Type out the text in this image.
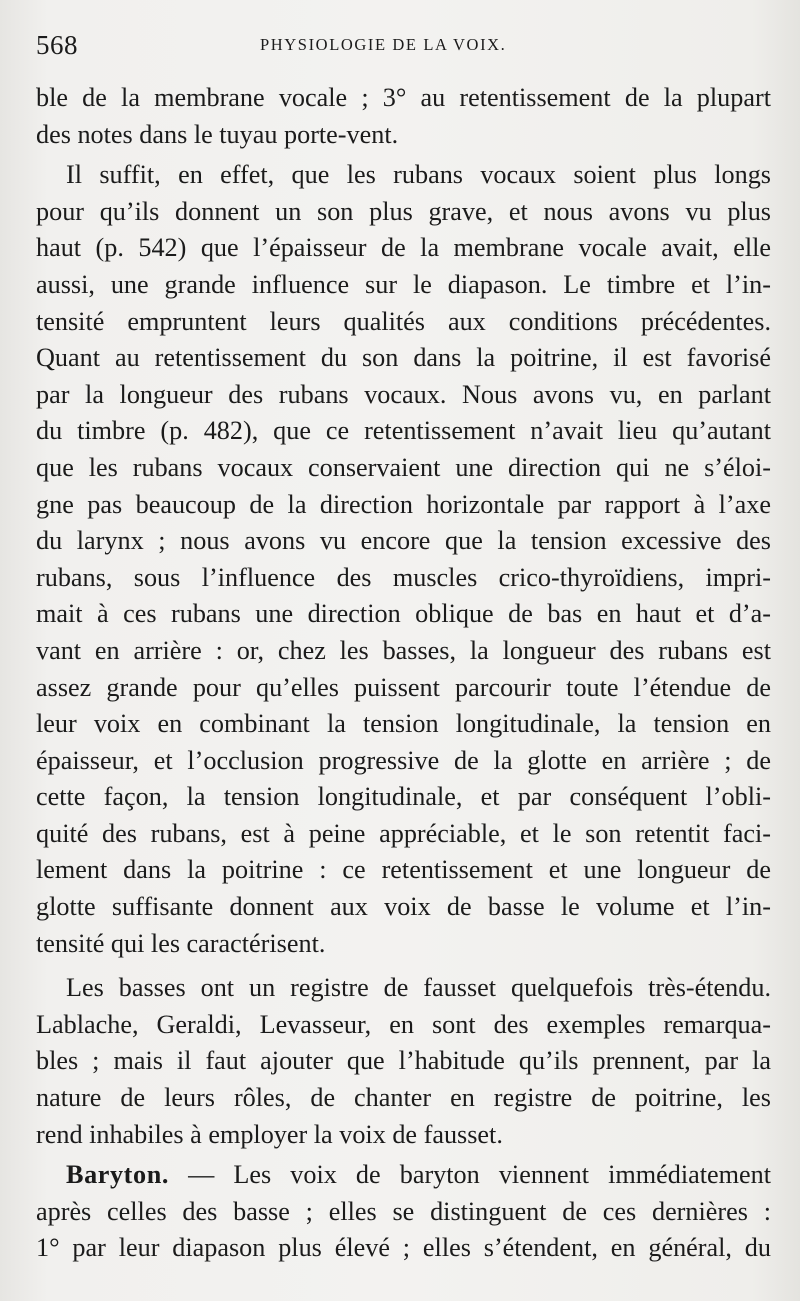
568	PHYSIOLOGIE DE LA VOIX.
ble de la membrane vocale ; 3° au retentissement de la plupart
des notes dans le tuyau porte-vent.
Il suffit, en effet, que les rubans vocaux soient plus longs
pour qu’ils donnent un son plus grave, et nous avons vu plus
haut (p. 542) que l’épaisseur de la membrane vocale avait, elle
aussi, une grande influence sur le diapason. Le timbre et l’in-
tensité empruntent leurs qualités aux conditions précédentes.
Quant au retentissement du son dans la poitrine, il est favorisé
par la longueur des rubans vocaux. Nous avons vu, en parlant
du timbre (p. 482), que ce retentissement n’avait lieu qu’autant
que les rubans vocaux conservaient une direction qui ne s’éloi-
gne pas beaucoup de la direction horizontale par rapport à l’axe
du larynx ; nous avons vu encore que la tension excessive des
rubans, sous l’influence des muscles crico-thyroïdiens, impri-
mait à ces rubans une direction oblique de bas en haut et d’a-
vant en arrière : or, chez les basses, la longueur des rubans est
assez grande pour qu’elles puissent parcourir toute l’étendue de
leur voix en combinant la tension longitudinale, la tension en
épaisseur, et l’occlusion progressive de la glotte en arrière ; de
cette façon, la tension longitudinale, et par conséquent l’obli-
quité des rubans, est à peine appréciable, et le son retentit faci-
lement dans la poitrine : ce retentissement et une longueur de
glotte suffisante donnent aux voix de basse le volume et l’in-
tensité qui les caractérisent.
Les basses ont un registre de fausset quelquefois très-étendu.
Lablache, Geraldi, Levasseur, en sont des exemples remarqua-
bles ; mais il faut ajouter que l’habitude qu’ils prennent, par la
nature de leurs rôles, de chanter en registre de poitrine, les
rend inhabiles à employer la voix de fausset.
Baryton. — Les voix de baryton viennent immédiatement
après celles des basse ; elles se distinguent de ces dernières :
1° par leur diapason plus élevé ; elles s’étendent, en général, du
